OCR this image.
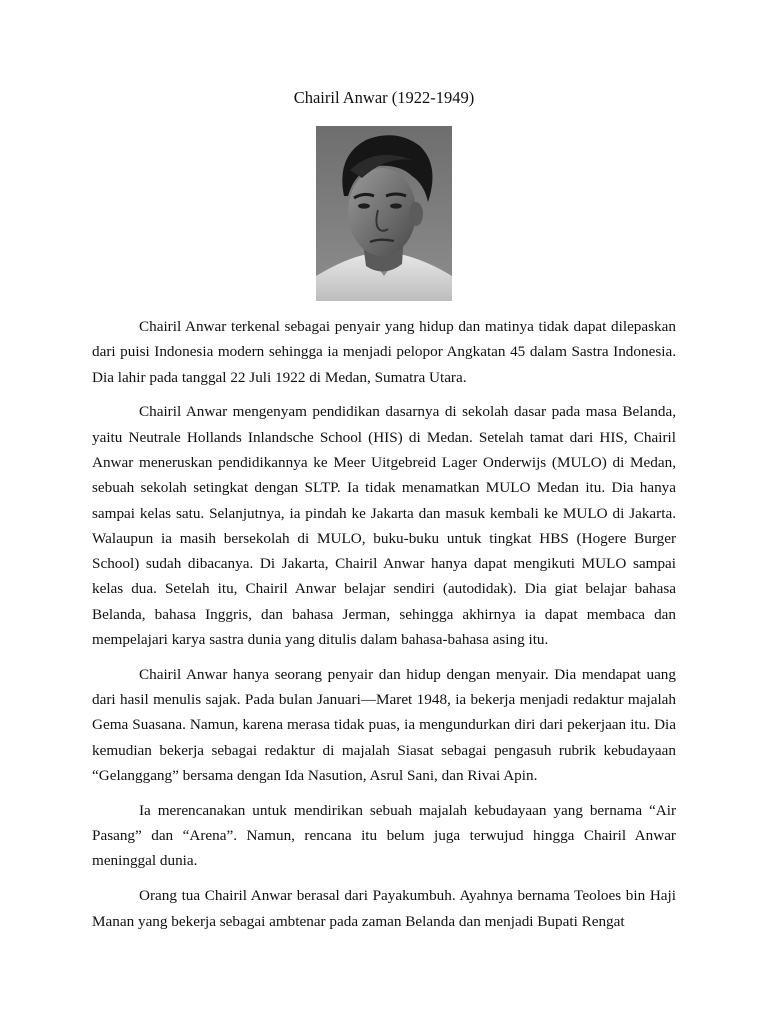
Chairil Anwar (1922-1949)

Chairil Anwar terkenal sebagai penyair yang hidup dan matinya tidak dapat dilepaskan dari puisi Indonesia modern sehingga ia menjadi pelopor Angkatan 45 dalam Sastra Indonesia. Dia lahir pada tanggal 22 Juli 1922 di Medan, Sumatra Utara.

Chairil Anwar mengenyam pendidikan dasarnya di sekolah dasar pada masa Belanda, yaitu Neutrale Hollands Inlandsche School (HIS) di Medan. Setelah tamat dari HIS, Chairil Anwar meneruskan pendidikannya ke Meer Uitgebreid Lager Onderwijs (MULO) di Medan, sebuah sekolah setingkat dengan SLTP. Ia tidak menamatkan MULO Medan itu. Dia hanya sampai kelas satu. Selanjutnya, ia pindah ke Jakarta dan masuk kembali ke MULO di Jakarta. Walaupun ia masih bersekolah di MULO, buku-buku untuk tingkat HBS (Hogere Burger School) sudah dibacanya. Di Jakarta, Chairil Anwar hanya dapat mengikuti MULO sampai kelas dua. Setelah itu, Chairil Anwar belajar sendiri (autodidak). Dia giat belajar bahasa Belanda, bahasa Inggris, dan bahasa Jerman, sehingga akhirnya ia dapat membaca dan mempelajari karya sastra dunia yang ditulis dalam bahasa-bahasa asing itu.

Chairil Anwar hanya seorang penyair dan hidup dengan menyair. Dia mendapat uang dari hasil menulis sajak. Pada bulan Januari—Maret 1948, ia bekerja menjadi redaktur majalah Gema Suasana. Namun, karena merasa tidak puas, ia mengundurkan diri dari pekerjaan itu. Dia kemudian bekerja sebagai redaktur di majalah Siasat sebagai pengasuh rubrik kebudayaan “Gelanggang” bersama dengan Ida Nasution, Asrul Sani, dan Rivai Apin.

Ia merencanakan untuk mendirikan sebuah majalah kebudayaan yang bernama “Air Pasang” dan “Arena”. Namun, rencana itu belum juga terwujud hingga Chairil Anwar meninggal dunia.

Orang tua Chairil Anwar berasal dari Payakumbuh. Ayahnya bernama Teoloes bin Haji Manan yang bekerja sebagai ambtenar pada zaman Belanda dan menjadi Bupati Rengat
